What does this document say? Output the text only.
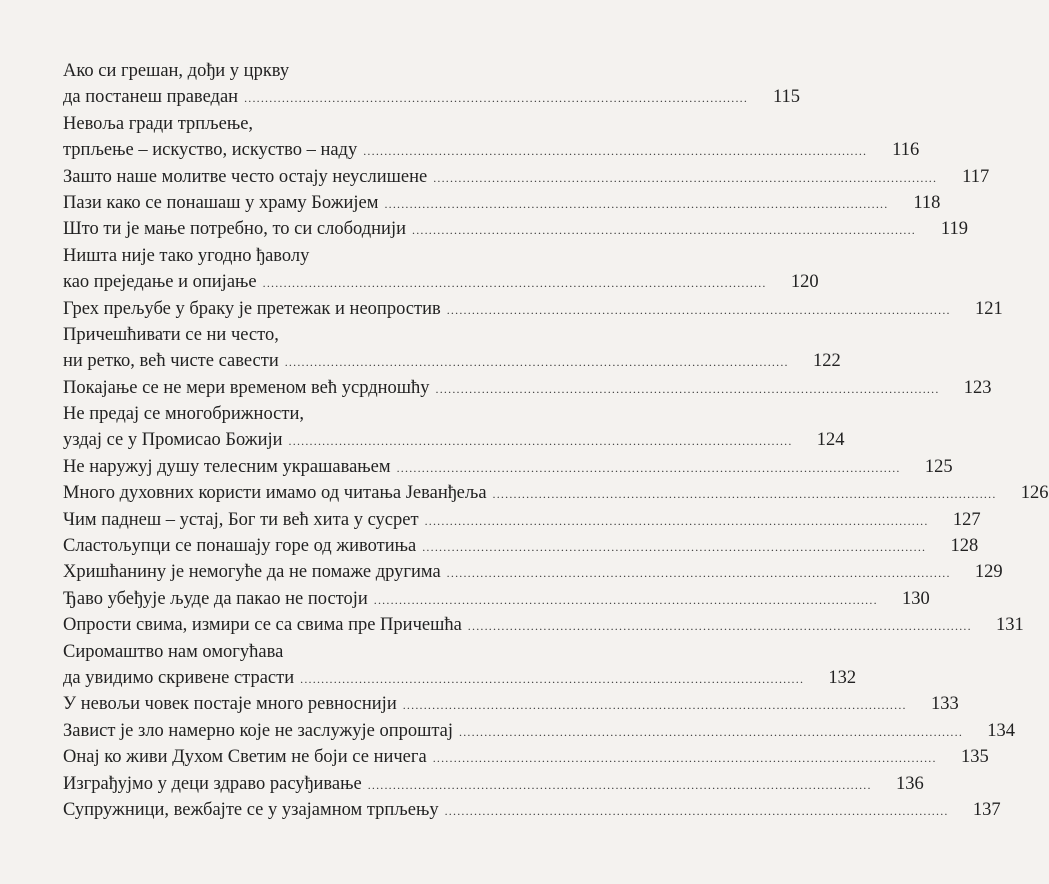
Ако си грешан, дођи у цркву
да постанеш праведан ........................................................................................................................	115
Невоља гради трпљење,
трпљење – искуство, искуство – наду ........................................................................................................................	116
Зашто наше молитве често остају неуслишене ........................................................................................................................	117
Пази како се понашаш у храму Божијем ........................................................................................................................	118
Што ти је мање потребно, то си слободнији ........................................................................................................................	119
Ништа није тако угодно ђаволу
као преједање и опијање ........................................................................................................................	120
Грех прељубе у браку је претежак и неопростив ........................................................................................................................	121
Причешћивати се ни често,
ни ретко, већ чисте савести ........................................................................................................................	122
Покајање се не мери временом већ усрдношћу ........................................................................................................................	123
Не предај се многобрижности,
уздај се у Промисао Божији ........................................................................................................................	124
Не наружуј душу телесним украшавањем ........................................................................................................................	125
Много духовних користи имамо од читања Јеванђеља ........................................................................................................................	126
Чим паднеш – устај, Бог ти већ хита у сусрет ........................................................................................................................	127
Сластољупци се понашају горе од животиња ........................................................................................................................	128
Хришћанину је немогуће да не помаже другима ........................................................................................................................	129
Ђаво убеђује људе да пакао не постоји ........................................................................................................................	130
Опрости свима, измири се са свима пре Причешћа ........................................................................................................................	131
Сиромаштво нам омогућава
да увидимо скривене страсти ........................................................................................................................	132
У невољи човек постаје много ревноснији ........................................................................................................................	133
Завист је зло намерно које не заслужује опроштај ........................................................................................................................	134
Онај ко живи Духом Светим не боји се ничега ........................................................................................................................	135
Изграђујмо у деци здраво расуђивање ........................................................................................................................	136
Супружници, вежбајте се у узајамном трпљењу ........................................................................................................................	137
